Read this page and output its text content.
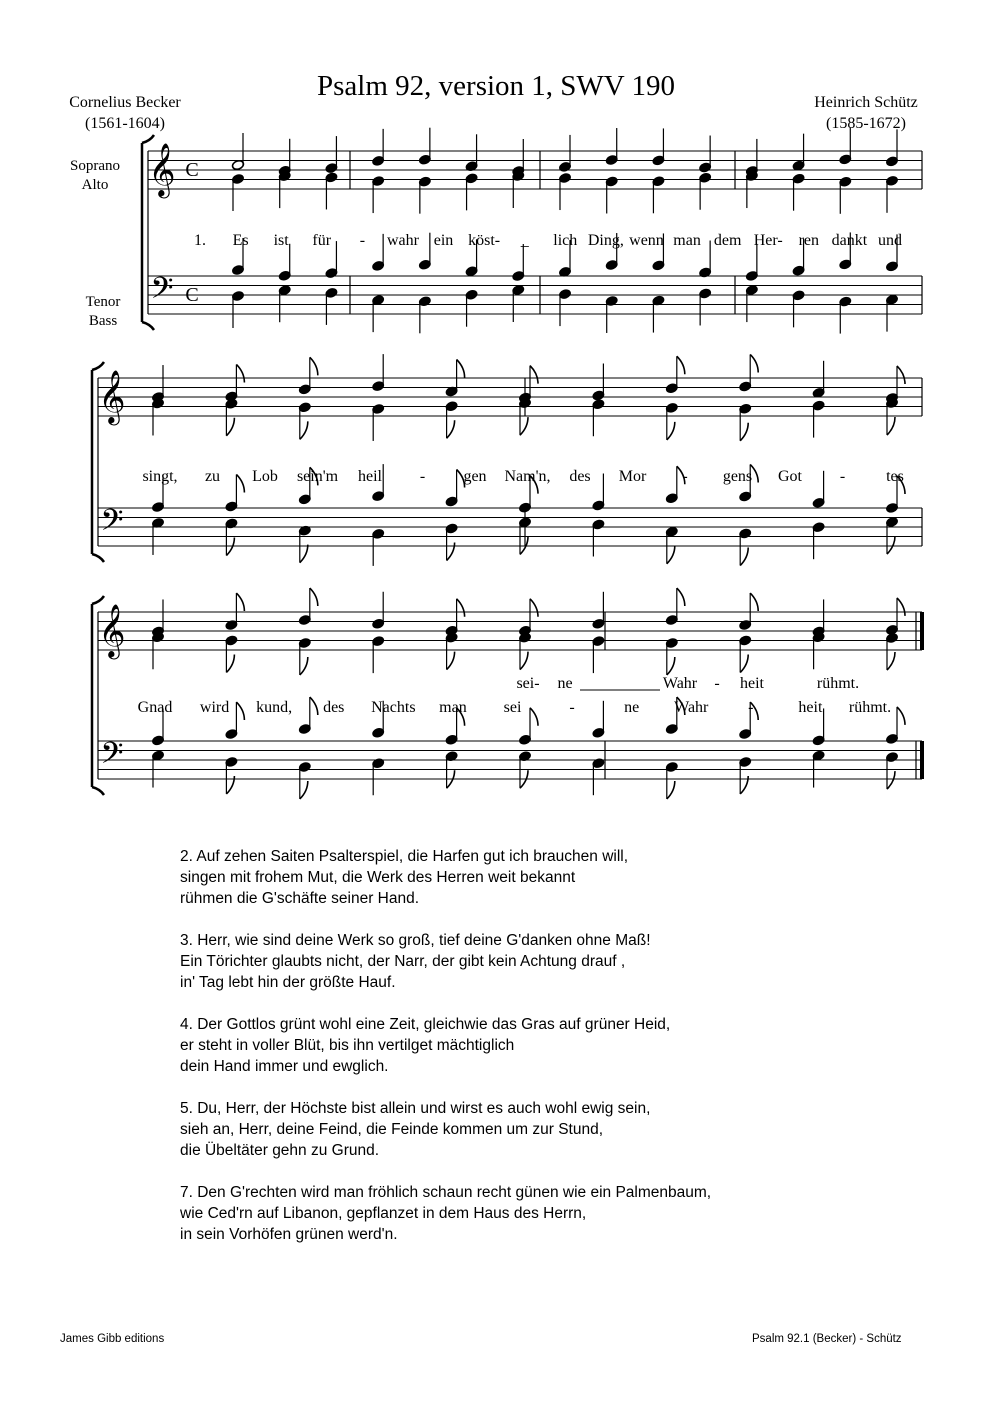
Psalm 92, version 1, SWV 190
Cornelius Becker
(1561-1604)
Heinrich Schütz
(1585-1672)
Soprano
Alto
Tenor
Bass
𝄞
𝄢
C
C
1. Es ist für - wahr ein köst- _ lich Ding, wenn man dem Her- ren dankt und
𝄞
𝄢
singt, zu Lob sein'm heil - gen Nam'n, des Mor - gens Got -	tes
𝄞
𝄢
Gnad wird kund, des Nachts man sei	-	ne Wahr -	heit rühmt.
sei- ne	Wahr - heit	rühmt.
2. Auf zehen Saiten Psalterspiel, die Harfen gut ich brauchen will,
singen mit frohem Mut, die Werk des Herren weit bekannt
rühmen die G'schäfte seiner Hand.
3. Herr, wie sind deine Werk so groß, tief deine G'danken ohne Maß!
Ein Törichter glaubts nicht, der Narr, der gibt kein Achtung drauf ,
in' Tag lebt hin der größte Hauf.
4. Der Gottlos grünt wohl eine Zeit, gleichwie das Gras auf grüner Heid,
er steht in voller Blüt, bis ihn vertilget mächtiglich
dein Hand immer und ewglich.
5. Du, Herr, der Höchste bist allein und wirst es auch wohl ewig sein,
sieh an, Herr, deine Feind, die Feinde kommen um zur Stund,
die Übeltäter gehn zu Grund.
7. Den G'rechten wird man fröhlich schaun recht günen wie ein Palmenbaum,
wie Ced'rn auf Libanon, gepflanzet in dem Haus des Herrn,
in sein Vorhöfen grünen werd'n.
James Gibb editions	Psalm 92.1 (Becker) - Schütz
